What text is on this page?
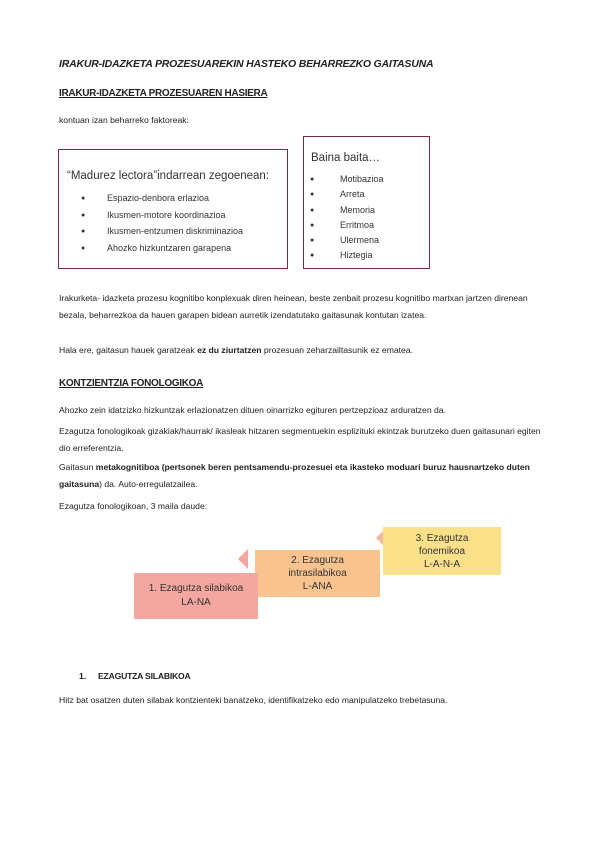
IRAKUR-IDAZKETA PROZESUAREKIN HASTEKO BEHARREZKO GAITASUNA
IRAKUR-IDAZKETA PROZESUAREN HASIERA
kontuan izan beharreko faktoreak:
“Madurez lectora”indarrean zegoenean:
● Espazio-denbora erlazioa
● Ikusmen-motore koordinazioa
● Ikusmen-entzumen diskriminazioa
● Ahozko hizkuntzaren garapena
Baina baita…
● Motibazioa
● Arreta
● Memoria
● Erritmoa
● Ulermena
● Hiztegia
Irakurketa- idazketa prozesu kognitibo konplexuak diren heinean, beste zenbait prozesu kognitibo martxan jartzen direnean bezala, beharrezkoa da hauen garapen bidean aurretik izendatutako gaitasunak kontutan izatea.
Hala ere, gaitasun hauek garatzeak ez du ziurtatzen prozesuan zeharzailtasunik ez ematea.
KONTZIENTZIA FONOLOGIKOA
Ahozko zein idatzizko hizkuntzak erlazionatzen dituen oinarrizko egituren pertzepzioaz arduratzen da.
Ezagutza fonologikoak gizakiak/haurrak/ ikasleak hitzaren segmentuekin esplizituki ekintzak burutzeko duen gaitasunari egiten dio erreferentzia.
Gaitasun metakognitiboa (pertsonek beren pentsamendu-prozesuei eta ikasteko moduari buruz hausnartzeko duten gaitasuna) da. Auto-erregulatzailea.
Ezagutza fonologikoan, 3 maila daude:
3. Ezagutza fonemikoa
L-A-N-A
2. Ezagutza intrasilabikoa
L-ANA
1. Ezagutza silabikoa
LA-NA
1. EZAGUTZA SILABIKOA
Hitz bat osatzen duten silabak kontzienteki banatzeko, identifikatzeko edo manipulatzeko trebetasuna.
